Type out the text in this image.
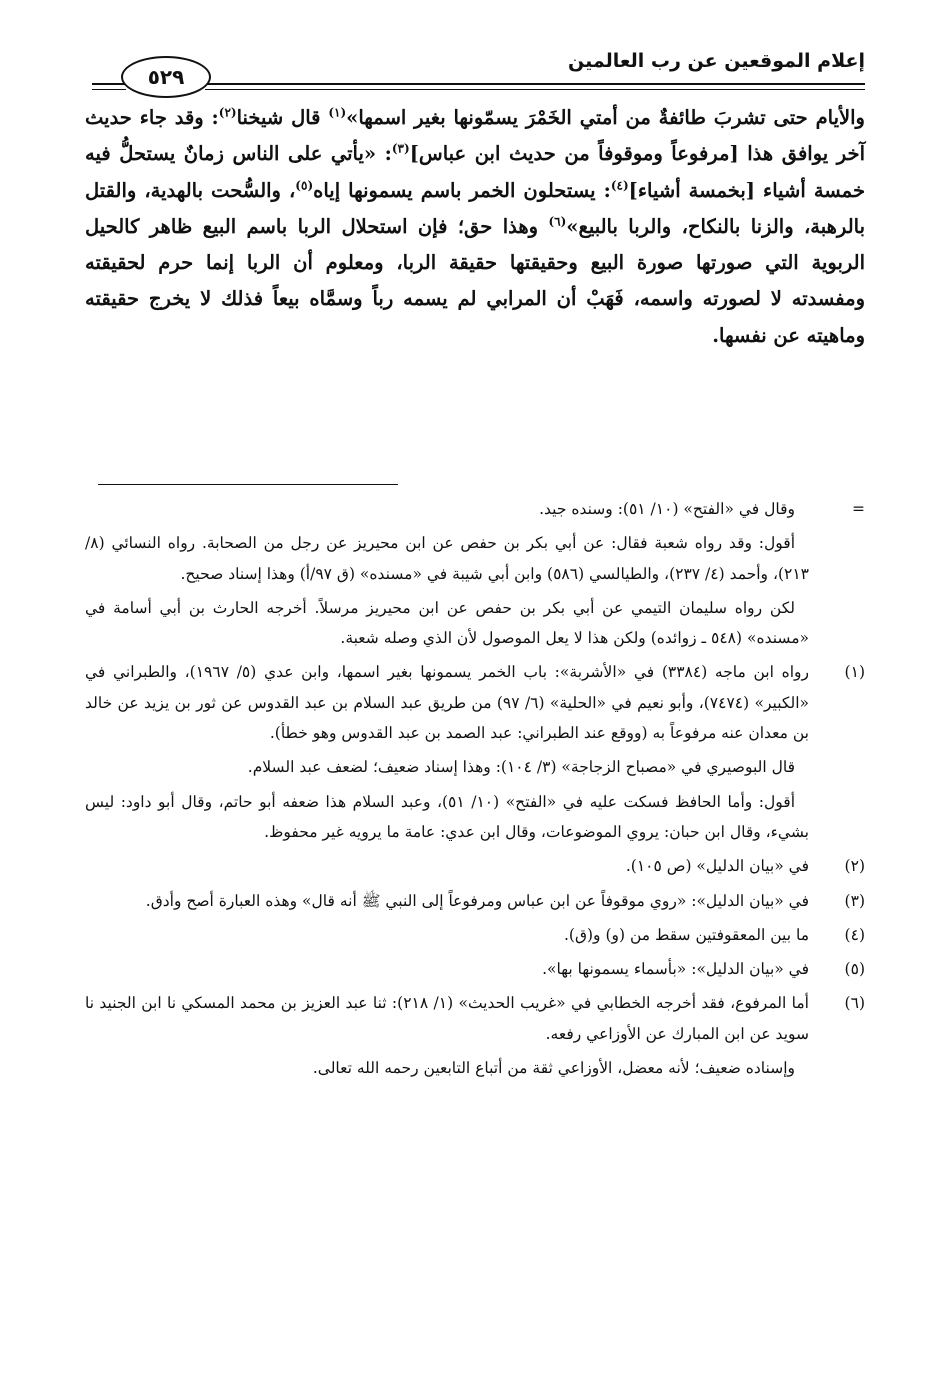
إعلام الموقعين عن رب العالمين
٥٢٩

والأيام حتى تشربَ طائفةٌ من أمتي الخَمْرَ يسمّونها بغير اسمها»$^{(١)}$ قال شيخنا$^{(٢)}$: وقد جاء حديث آخر يوافق هذا [مرفوعاً وموقوفاً من حديث ابن عباس]$^{(٣)}$: «يأتي على الناس زمانٌ يستحلُّ فيه خمسة أشياء [بخمسة أشياء]$^{(٤)}$: يستحلون الخمر باسم يسمونها إياه$^{(٥)}$، والسُّحت بالهدية، والقتل بالرهبة، والزنا بالنكاح، والربا بالبيع»$^{(٦)}$ وهذا حق؛ فإن استحلال الربا باسم البيع ظاهر كالحيل الربوية التي صورتها صورة البيع وحقيقتها حقيقة الربا، ومعلوم أن الربا إنما حرم لحقيقته ومفسدته لا لصورته واسمه، فَهَبْ أن المرابي لم يسمه رباً وسمَّاه بيعاً فذلك لا يخرج حقيقته وماهيته عن نفسها.

=

وقال في «الفتح» (١٠/ ٥١): وسنده جيد.

أقول: وقد رواه شعبة فقال: عن أبي بكر بن حفص عن ابن محيريز عن رجل من الصحابة. رواه النسائي (٨/ ٢١٣)، وأحمد (٤/ ٢٣٧)، والطيالسي (٥٨٦) وابن أبي شيبة في «مسنده» (ق ٩٧/أ) وهذا إسناد صحيح.

لكن رواه سليمان التيمي عن أبي بكر بن حفص عن ابن محيريز مرسلاً. أخرجه الحارث بن أبي أسامة في «مسنده» (٥٤٨ ـ زوائده) ولكن هذا لا يعل الموصول لأن الذي وصله شعبة.

(١)

رواه ابن ماجه (٣٣٨٤) في «الأشربة»: باب الخمر يسمونها بغير اسمها، وابن عدي (٥/ ١٩٦٧)، والطبراني في «الكبير» (٧٤٧٤)، وأبو نعيم في «الحلية» (٦/ ٩٧) من طريق عبد السلام بن عبد القدوس عن ثور بن يزيد عن خالد بن معدان عنه مرفوعاً به (ووقع عند الطبراني: عبد الصمد بن عبد القدوس وهو خطأ).

قال البوصيري في «مصباح الزجاجة» (٣/ ١٠٤): وهذا إسناد ضعيف؛ لضعف عبد السلام.

أقول: وأما الحافظ فسكت عليه في «الفتح» (١٠/ ٥١)، وعبد السلام هذا ضعفه أبو حاتم، وقال أبو داود: ليس بشيء، وقال ابن حبان: يروي الموضوعات، وقال ابن عدي: عامة ما يرويه غير محفوظ.

(٢)

في «بيان الدليل» (ص ١٠٥).

(٣)

في «بيان الدليل»: «روي موقوفاً عن ابن عباس ومرفوعاً إلى النبي ﷺ أنه قال» وهذه العبارة أصح وأدق.

(٤)

ما بين المعقوفتين سقط من (و) و(ق).

(٥)

في «بيان الدليل»: «بأسماء يسمونها بها».

(٦)

أما المرفوع، فقد أخرجه الخطابي في «غريب الحديث» (١/ ٢١٨): ثنا عبد العزيز بن محمد المسكي نا ابن الجنيد نا سويد عن ابن المبارك عن الأوزاعي رفعه.

وإسناده ضعيف؛ لأنه معضل، الأوزاعي ثقة من أتباع التابعين رحمه الله تعالى.
